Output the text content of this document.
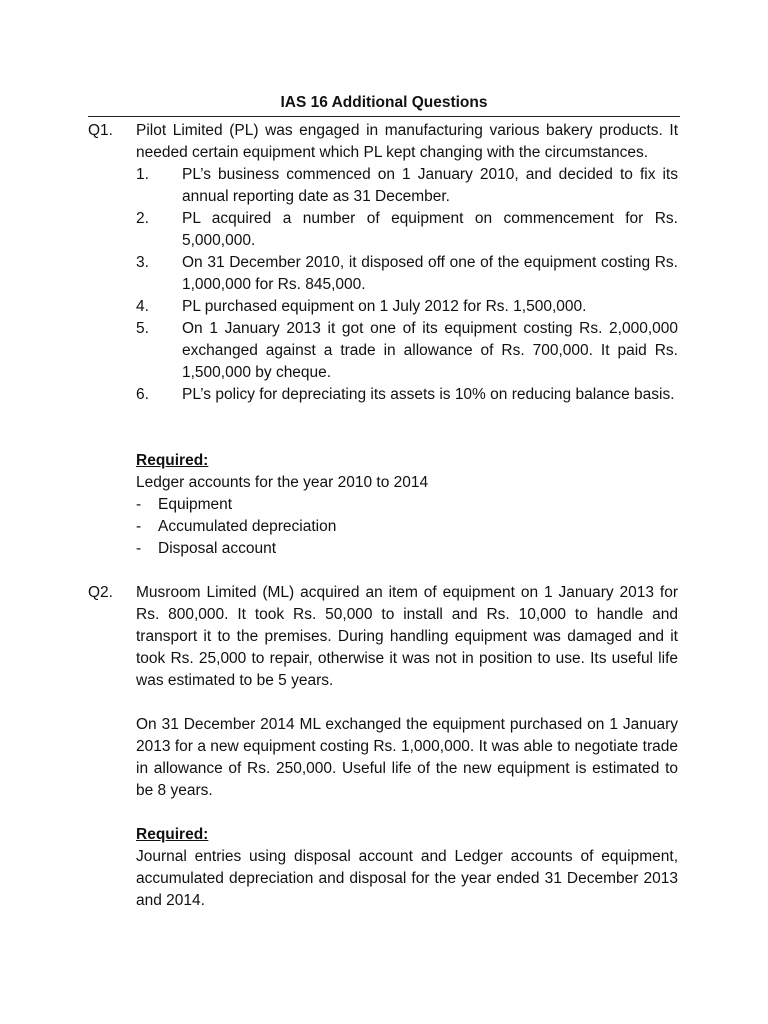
IAS 16 Additional Questions
Q1. Pilot Limited (PL) was engaged in manufacturing various bakery products. It needed certain equipment which PL kept changing with the circumstances.
1. PL’s business commenced on 1 January 2010, and decided to fix its annual reporting date as 31 December.
2. PL acquired a number of equipment on commencement for Rs. 5,000,000.
3. On 31 December 2010, it disposed off one of the equipment costing Rs. 1,000,000 for Rs. 845,000.
4. PL purchased equipment on 1 July 2012 for Rs. 1,500,000.
5. On 1 January 2013 it got one of its equipment costing Rs. 2,000,000 exchanged against a trade in allowance of Rs. 700,000. It paid Rs. 1,500,000 by cheque.
6. PL’s policy for depreciating its assets is 10% on reducing balance basis.
Required:
Ledger accounts for the year 2010 to 2014
- Equipment
- Accumulated depreciation
- Disposal account
Q2. Musroom Limited (ML) acquired an item of equipment on 1 January 2013 for Rs. 800,000. It took Rs. 50,000 to install and Rs. 10,000 to handle and transport it to the premises. During handling equipment was damaged and it took Rs. 25,000 to repair, otherwise it was not in position to use. Its useful life was estimated to be 5 years.
On 31 December 2014 ML exchanged the equipment purchased on 1 January 2013 for a new equipment costing Rs. 1,000,000. It was able to negotiate trade in allowance of Rs. 250,000. Useful life of the new equipment is estimated to be 8 years.
Required:
Journal entries using disposal account and Ledger accounts of equipment, accumulated depreciation and disposal for the year ended 31 December 2013 and 2014.
